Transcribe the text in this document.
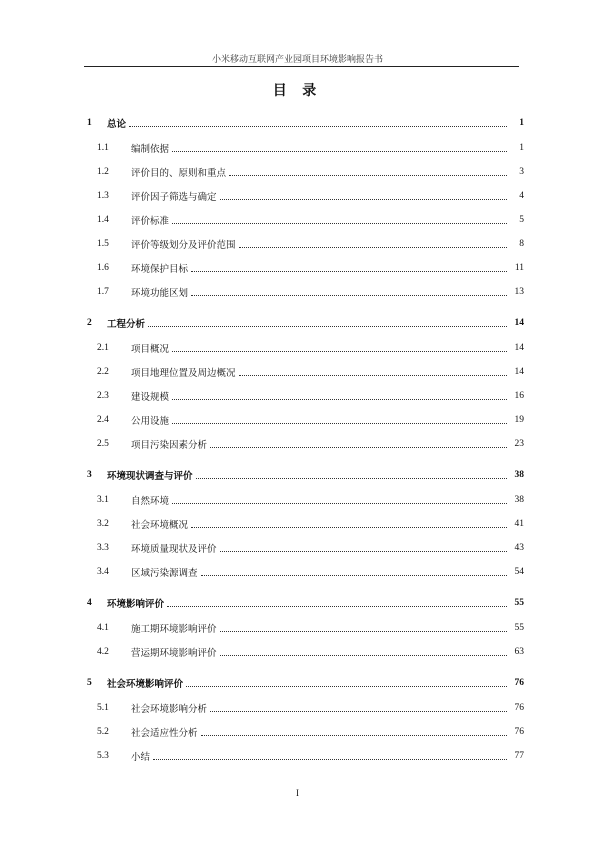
小米移动互联网产业园项目环境影响报告书
目 录
1	总论	1
1.1	编制依据	1
1.2	评价目的、原则和重点	3
1.3	评价因子筛选与确定	4
1.4	评价标准	5
1.5	评价等级划分及评价范围	8
1.6	环境保护目标	11
1.7	环境功能区划	13
2	工程分析	14
2.1	项目概况	14
2.2	项目地理位置及周边概况	14
2.3	建设规模	16
2.4	公用设施	19
2.5	项目污染因素分析	23
3	环境现状调查与评价	38
3.1	自然环境	38
3.2	社会环境概况	41
3.3	环境质量现状及评价	43
3.4	区域污染源调查	54
4	环境影响评价	55
4.1	施工期环境影响评价	55
4.2	营运期环境影响评价	63
5	社会环境影响评价	76
5.1	社会环境影响分析	76
5.2	社会适应性分析	76
5.3	小结	77
I
